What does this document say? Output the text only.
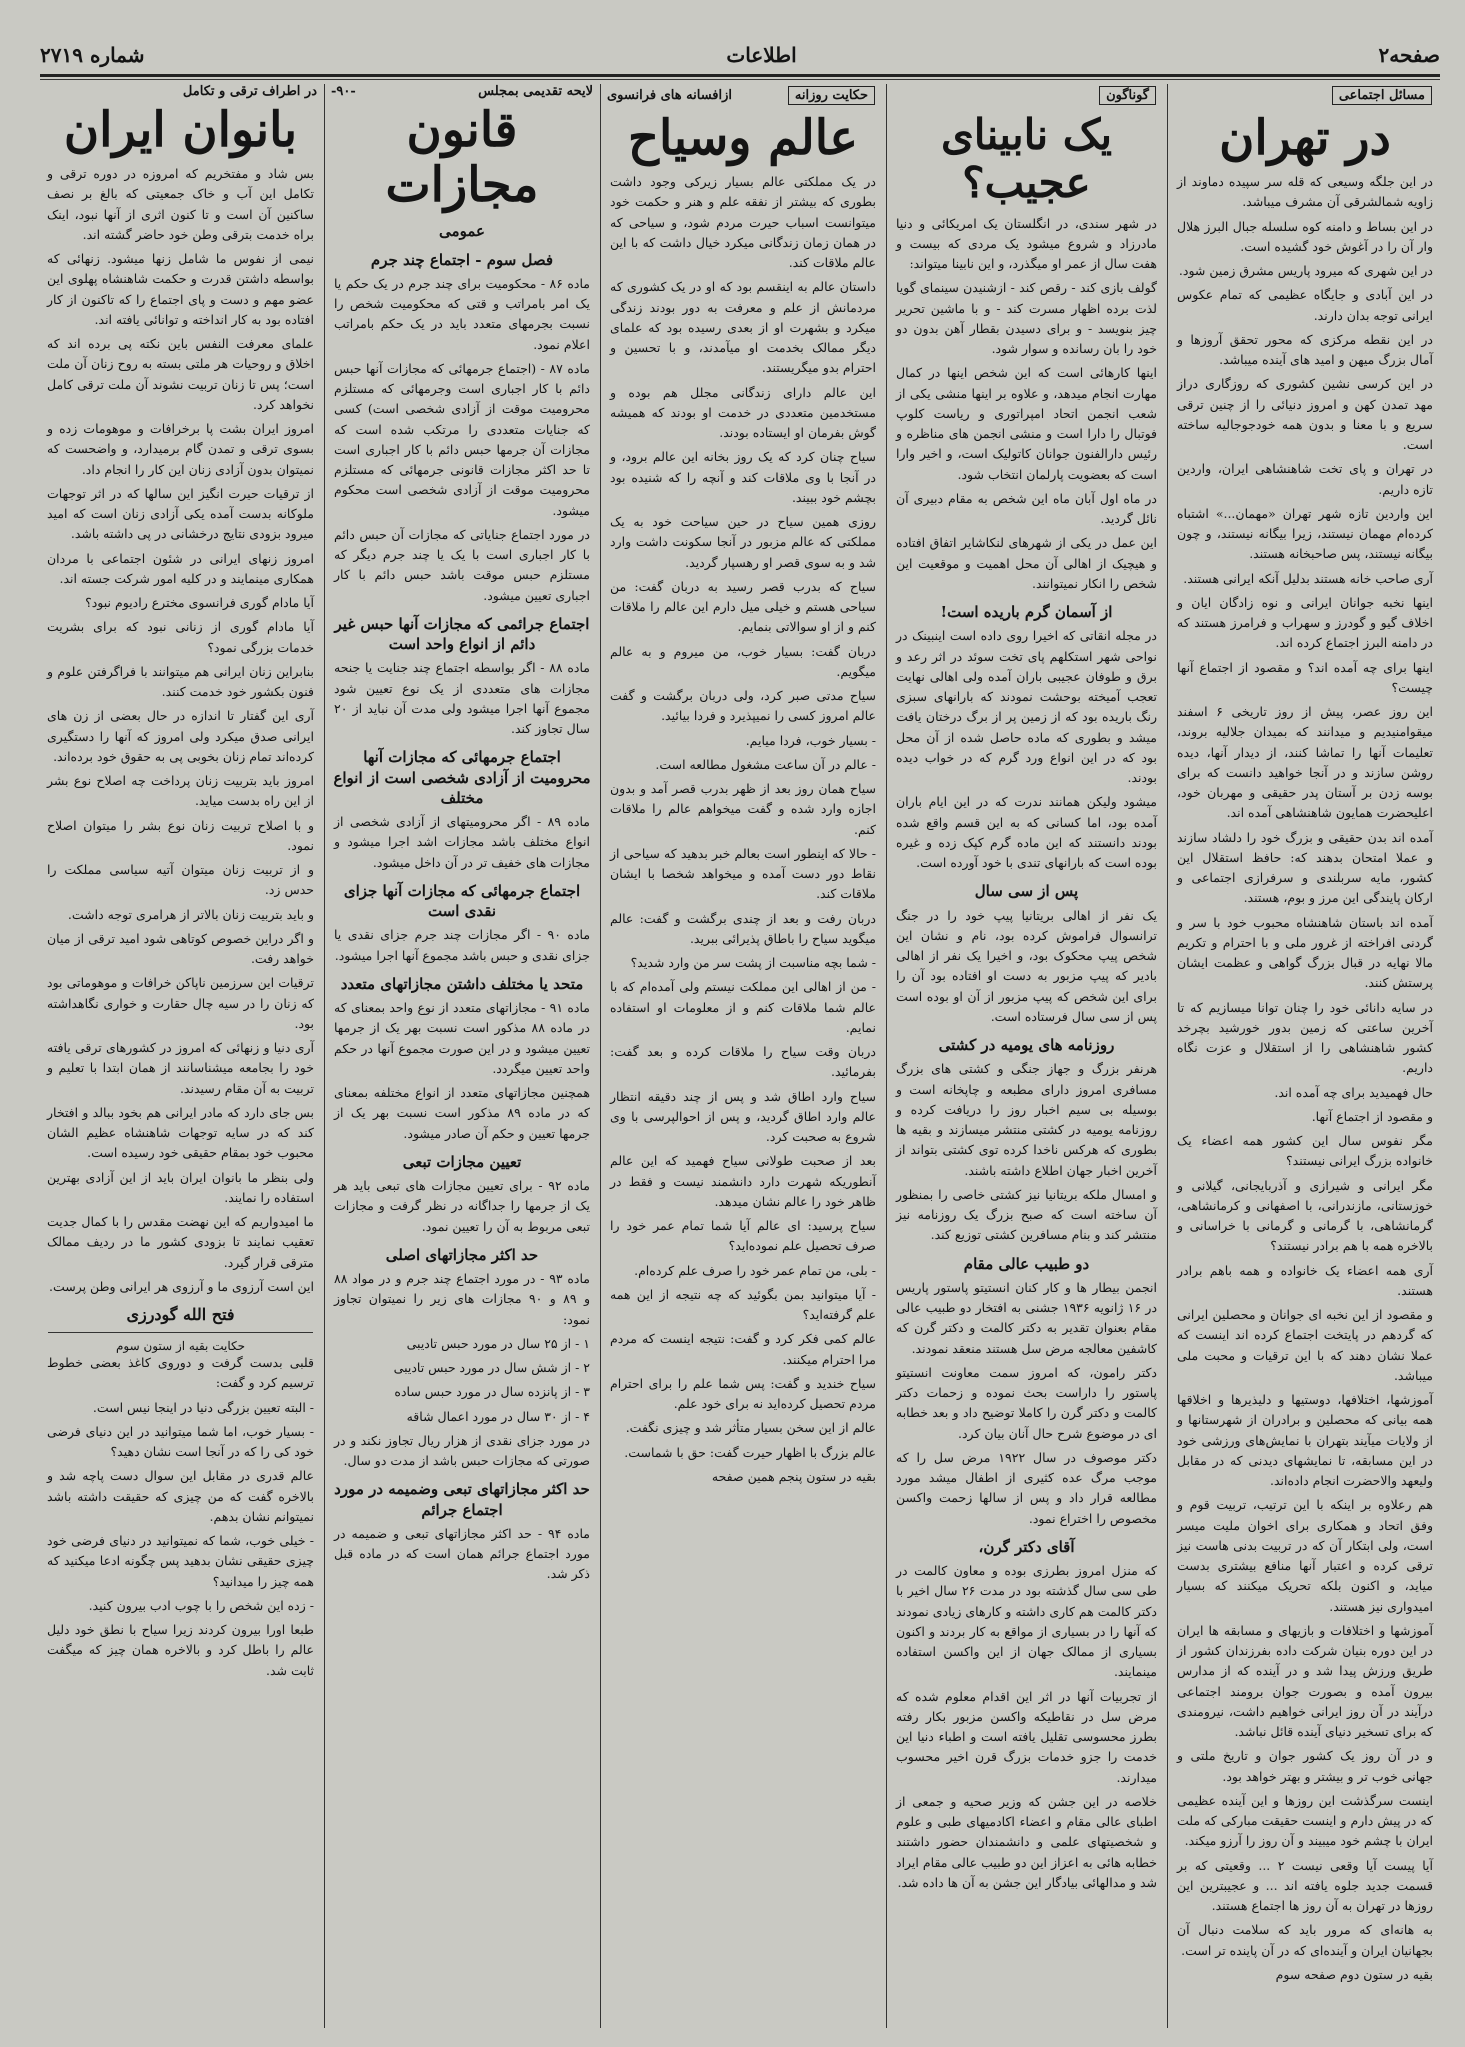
صفحه۲
اطلاعات
شماره ۲۷۱۹
مسائل اجتماعی
در تهران

در این جلگه وسیعی که قله سر سپیده دماوند از زاویه شمالشرقی آن مشرف میباشد.

در این بساط و دامنه کوه سلسله جبال البرز هلال وار آن را در آغوش خود گشیده است.

در این شهری که میرود پاریس مشرق زمین شود.

در این آبادی و جایگاه عظیمی که تمام عکوس ایرانی توجه بدان دارند.

در این نقطه مرکزی که محور تحقق آروزها و آمال بزرگ میهن و امید های آینده میباشد.

در این کرسی نشین کشوری که روزگاری دراز مهد تمدن کهن و امروز دنیائی را از چنین ترقی سریع و با معنا و بدون همه خودجوجالیه ساخته است.

در تهران و پای تخت شاهنشاهی ایران، واردین تازه داریم.

این واردین تازه شهر تهران «مهمان...» اشتباه کرده‌ام مهمان نیستند، زیرا بیگانه نیستند، و چون بیگانه نیستند، پس صاحبخانه هستند.

آری صاحب خانه هستند بدلیل آنکه ایرانی هستند.

اینها نخبه جوانان ایرانی و نوه زادگان ایان و اخلاف گیو و گودرز و سهراب و فرامرز هستند که در دامنه البرز اجتماع کرده اند.

اینها برای چه آمده اند؟ و مقصود از اجتماع آنها چیست؟

این روز عصر، پیش از روز تاریخی ۶ اسفند میقوامنیدیم و میدانند که بمیدان جلالیه بروند، تعلیمات آنها را تماشا کنند، از دیدار آنها، دیده روشن سازند و در آنجا خواهید دانست که برای بوسه زدن بر آستان پدر حقیقی و مهربان خود، اعلیحضرت همایون شاهنشاهی آمده اند.

آمده اند بدن حقیقی و بزرگ خود را دلشاد سازند و عملا امتحان بدهند که: حافظ استقلال این کشور، مایه سربلندی و سرفرازی اجتماعی و ارکان پایندگی این مرز و بوم، هستند.

آمده اند باستان شاهنشاه محبوب خود با سر و گردنی افراخته از غرور ملی و با احترام و تکریم مالا نهایه در قبال بزرگ گواهی و عظمت ایشان پرستش کنند.

در سایه دانائی خود را چنان توانا میسازیم که تا آخرین ساعتی که زمین بدور خورشید بچرخد کشور شاهنشاهی را از استقلال و عزت نگاه داریم.

حال فهمیدید برای چه آمده اند.

و مقصود از اجتماع آنها.

مگر نفوس سال این کشور همه اعضاء یک خانواده بزرگ ایرانی نیستند؟

مگر ایرانی و شیرازی و آذربایجانی، گیلانی و خوزستانی، مازندرانی، با اصفهانی و کرمانشاهی، گرمانشاهی، با گرمانی و گرمانی با خراسانی و بالاخره همه با هم برادر نیستند؟

آری همه اعضاء یک خانواده و همه باهم برادر هستند.

و مقصود از این نخبه ای جوانان و محصلین ایرانی که گردهم در پایتخت اجتماع کرده اند اینست که عملا نشان دهند که با این ترقیات و محبت ملی میباشد.

آموزشها، اختلافها، دوستیها و دلیذیرها و اخلاقها همه بیانی که محصلین و برادران از شهرستانها و از ولایات میآیند بتهران با نمایش‌های ورزشی خود در این مسابقه، تا نمایشهای دیدنی که در مقابل ولیعهد والاحضرت انجام داده‌اند.

هم رعلاوه بر اینکه با این ترتیب، تربیت قوم و وفق اتحاد و همکاری برای اخوان ملیت میسر است، ولی ابتکار آن که در تربیت بدنی هاست نیز ترقی کرده و اعتبار آنها منافع بیشتری بدست میاید، و اکنون بلکه تحریک میکنند که بسیار امیدواری نیز هستند.

آموزشها و اختلافات و بازیهای و مسابقه ها ایران در این دوره بنیان شرکت داده بفرزندان کشور از طریق ورزش پیدا شد و در آینده که از مدارس بیرون آمده و بصورت جوان برومند اجتماعی درآیند در آن روز ایرانی خواهیم داشت، نیرومندی که برای تسخیر دنیای آینده قائل نباشد.

و در آن روز یک کشور جوان و تاریخ ملتی و جهانی خوب تر و بیشتر و بهتر خواهد بود.

اینست سرگذشت این روزها و این آینده عظیمی که در پیش دارم و اینست حقیقت مبارکی که ملت ایران با چشم خود میبیند و آن روز را آرزو میکند.

آیا پیست آیا وقعی نیست ۲ ... وقعیتی که بر قسمت جدید جلوه یافته اند ... و عجیبترین این روزها در تهران به آن روز ها اجتماع هستند.

به هانه‌ای که مرور باید که سلامت دنبال آن بجهانیان ایران و آینده‌ای که در آن پاینده تر است.

بقیه در ستون دوم صفحه سوم

گوناگون
یک نابینای عجیب؟

در شهر سندی، در انگلستان یک امریکائی و دنیا مادرزاد و شروع میشود یک مردی که بیست و هفت سال از عمر او میگذرد، و این نابینا میتواند:

گولف بازی کند - رقص کند - ازشنیدن سینمای گویا لذت برده اظهار مسرت کند - و با ماشین تحریر چیز بنویسد - و برای دسیدن بقطار آهن بدون دو خود را بان رسانده و سوار شود.

اینها کارهائی است که این شخص اینها در کمال مهارت انجام میدهد، و علاوه بر اینها منشی یکی از شعب انجمن اتحاد امپراتوری و ریاست کلوپ فوتبال را دارا است و منشی انجمن های مناظره و رئیس دارالفنون جوانان کاتولیک است، و اخیر وارا است که بعضویت پارلمان انتخاب شود.

در ماه اول آبان ماه این شخص به مقام دبیری آن نائل گردید.

این عمل در یکی از شهرهای لنکاشایر اتفاق افتاده و هیچیک از اهالی آن محل اهمیت و موقعیت این شخص را انکار نمیتوانند.

از آسمان گرم باریده است!

در مجله انقاتی که اخیرا روی داده است اینبینک در نواحی شهر استکلهم پای تخت سوئد در اثر رعد و برق و طوفان عجیبی باران آمده ولی اهالی نهایت تعجب آمیخته بوحشت نمودند که بارانهای سبزی رنگ باریده بود که از زمین پر از برگ درختان یافت میشد و بطوری که ماده حاصل شده از آن محل بود که در این انواع ورد گرم که در خواب دیده بودند.

میشود ولیکن همانند ندرت که در این ایام باران آمده بود، اما کسانی که به این قسم واقع شده بودند دانستند که این ماده گرم کپک زده و غیره بوده است که بارانهای تندی با خود آورده است.

پس از سی سال

یک نفر از اهالی بریتانیا پیپ خود را در جنگ ترانسوال فراموش کرده بود، نام و نشان این شخص پیپ محکوک بود، و اخیرا یک نفر از اهالی بادیر که پیپ مزبور به دست او افتاده بود آن را برای این شخص که پیپ مزبور از آن او بوده است پس از سی سال فرستاده است.

روزنامه های یومیه در کشتی

هرنفر بزرگ و جهاز جنگی و کشتی های بزرگ مسافری امروز دارای مطبعه و چاپخانه است و بوسیله بی سیم اخبار روز را دریافت کرده و روزنامه یومیه در کشتی منتشر میسازند و بقیه ها بطوری که هرکس ناخدا کرده توی کشتی بتواند از آخرین اخبار جهان اطلاع داشته باشند.

و امسال ملکه بریتانیا نیز کشتی خاصی را بمنظور آن ساخته است که صبح بزرگ یک روزنامه نیز منتشر کند و بنام مسافرین کشتی توزیع کند.

دو طبیب عالی مقام

انجمن بیطار ها و کار کنان انستیتو پاستور پاریس در ۱۶ ژانویه ۱۹۳۶ جشنی به افتخار دو طبیب عالی مقام بعنوان تقدیر به دکتر کالمت و دکتر گرن که کاشفین معالجه مرض سل هستند منعقد نمودند.

دکتر رامون، که امروز سمت معاونت انستیتو پاستور را داراست بحث نموده و زحمات دکتر کالمت و دکتر گرن را کاملا توضیح داد و بعد خطابه ای در موضوع شرح حال آنان بیان کرد.

دکتر موصوف در سال ۱۹۲۲ مرض سل را که موجب مرگ عده کثیری از اطفال میشد مورد مطالعه قرار داد و پس از سالها زحمت واکسن مخصوص را اختراع نمود.

آقای دکتر گرن،

که منزل امروز بطرزی بوده و معاون کالمت در طی سی سال گذشته بود در مدت ۲۶ سال اخیر با دکتر کالمت هم کاری داشته و کارهای زیادی نمودند که آنها را در بسیاری از مواقع به کار بردند و اکنون بسیاری از ممالک جهان از این واکسن استفاده مینمایند.

از تجربیات آنها در اثر این اقدام معلوم شده که مرض سل در نقاطیکه واکسن مزبور بکار رفته بطرز محسوسی تقلیل یافته است و اطباء دنیا این خدمت را جزو خدمات بزرگ قرن اخیر محسوب میدارند.

خلاصه در این جشن که وزیر صحیه و جمعی از اطبای عالی مقام و اعضاء اکادمیهای طبی و علوم و شخصیتهای علمی و دانشمندان حضور داشتند خطابه هائی به اعزاز این دو طبیب عالی مقام ایراد شد و مدالهائی بیادگار این جشن به آن ها داده شد.

حکایت روزانه
ازافسانه های فرانسوی
عالم وسیاح

در یک مملکتی عالم بسیار زیرکی وجود داشت بطوری که بیشتر از نفقه علم و هنر و حکمت خود میتوانست اسباب حیرت مردم شود، و سیاحی که در همان زمان زندگانی میکرد خیال داشت که با این عالم ملاقات کند.

داستان عالم به اینقسم بود که او در یک کشوری که مردمانش از علم و معرفت به دور بودند زندگی میکرد و بشهرت او از بعدی رسیده بود که علمای دیگر ممالک بخدمت او میآمدند، و با تحسین و احترام بدو میگریستند.

این عالم دارای زندگانی مجلل هم بوده و مستخدمین متعددی در خدمت او بودند که همیشه گوش بفرمان او ایستاده بودند.

سیاح چنان کرد که یک روز بخانه این عالم برود، و در آنجا با وی ملاقات کند و آنچه را که شنیده بود بچشم خود ببیند.

روزی همین سیاح در حین سیاحت خود به یک مملکتی که عالم مزبور در آنجا سکونت داشت وارد شد و به سوی قصر او رهسپار گردید.

سیاح که بدرب قصر رسید به دربان گفت: من سیاحی هستم و خیلی میل دارم این عالم را ملاقات کنم و از او سوالاتی بنمایم.

دربان گفت: بسیار خوب، من میروم و به عالم میگویم.

سیاح مدتی صبر کرد، ولی دربان برگشت و گفت عالم امروز کسی را نمیپذیرد و فردا بیائید.

- بسیار خوب، فردا میایم.

- عالم در آن ساعت مشغول مطالعه است.

سیاح همان روز بعد از ظهر بدرب قصر آمد و بدون اجازه وارد شده و گفت میخواهم عالم را ملاقات کنم.

- حالا که اینطور است بعالم خبر بدهید که سیاحی از نقاط دور دست آمده و میخواهد شخصا با ایشان ملاقات کند.

دربان رفت و بعد از چندی برگشت و گفت: عالم میگوید سیاح را باطاق پذیرائی ببرید.

- شما بچه مناسبت از پشت سر من وارد شدید؟

- من از اهالی این مملکت نیستم ولی آمده‌ام که با عالم شما ملاقات کنم و از معلومات او استفاده نمایم.

دربان وقت سیاح را ملاقات کرده و بعد گفت: بفرمائید.

سیاح وارد اطاق شد و پس از چند دقیقه انتظار عالم وارد اطاق گردید، و پس از احوالپرسی با وی شروع به صحبت کرد.

بعد از صحبت طولانی سیاح فهمید که این عالم آنطوریکه شهرت دارد دانشمند نیست و فقط در ظاهر خود را عالم نشان میدهد.

سیاح پرسید: ای عالم آیا شما تمام عمر خود را صرف تحصیل علم نموده‌اید؟

- بلی، من تمام عمر خود را صرف علم کرده‌ام.

- آیا میتوانید بمن بگوئید که چه نتیجه از این همه علم گرفته‌اید؟

عالم کمی فکر کرد و گفت: نتیجه اینست که مردم مرا احترام میکنند.

سیاح خندید و گفت: پس شما علم را برای احترام مردم تحصیل کرده‌اید نه برای خود علم.

عالم از این سخن بسیار متأثر شد و چیزی نگفت.

عالم بزرگ با اظهار حیرت گفت: حق با شماست.

بقیه در ستون پنجم همین صفحه

لایحه تقدیمی بمجلس
-۹۰-
قانون مجازات
عمومی
فصل سوم - اجتماع چند جرم

ماده ۸۶ - محکومیت برای چند جرم در یک حکم یا یک امر بامراتب و قتی که محکومیت شخص را نسبت بجرمهای متعدد باید در یک حکم بامراتب اعلام نمود.

ماده ۸۷ - (اجتماع جرمهائی که مجازات آنها حبس دائم با کار اجباری است وجرمهائی که مستلزم محرومیت موقت از آزادی شخصی است) کسی که جنایات متعددی را مرتکب شده است که مجازات آن جرمها حبس دائم با کار اجباری است تا حد اکثر مجازات قانونی جرمهائی که مستلزم محرومیت موقت از آزادی شخصی است محکوم میشود.

در مورد اجتماع جنایاتی که مجازات آن حبس دائم با کار اجباری است با یک یا چند جرم دیگر که مستلزم حبس موقت باشد حبس دائم با کار اجباری تعیین میشود.

اجتماع جرائمی که مجازات آنها حبس غیر دائم از انواع واحد است

ماده ۸۸ - اگر بواسطه اجتماع چند جنایت یا جنحه مجازات های متعددی از یک نوع تعیین شود مجموع آنها اجرا میشود ولی مدت آن نباید از ۲۰ سال تجاوز کند.

اجتماع جرمهائی که مجازات آنها محرومیت از آزادی شخصی است از انواع مختلف

ماده ۸۹ - اگر محرومیتهای از آزادی شخصی از انواع مختلف باشد مجازات اشد اجرا میشود و مجازات های خفیف تر در آن داخل میشود.

اجتماع جرمهائی که مجازات آنها جزای نقدی است

ماده ۹۰ - اگر مجازات چند جرم جزای نقدی یا جزای نقدی و حبس باشد مجموع آنها اجرا میشود.

متحد یا مختلف داشتن مجازاتهای متعدد

ماده ۹۱ - مجازاتهای متعدد از نوع واحد بمعنای که در ماده ۸۸ مذکور است نسبت بهر یک از جرمها تعیین میشود و در این صورت مجموع آنها در حکم واحد تعیین میگردد.

همچنین مجازاتهای متعدد از انواع مختلفه بمعنای که در ماده ۸۹ مذکور است نسبت بهر یک از جرمها تعیین و حکم آن صادر میشود.

تعیین مجازات تبعی

ماده ۹۲ - برای تعیین مجازات های تبعی باید هر یک از جرمها را جداگانه در نظر گرفت و مجازات تبعی مربوط به آن را تعیین نمود.

حد اکثر مجازاتهای اصلی

ماده ۹۳ - در مورد اجتماع چند جرم و در مواد ۸۸ و ۸۹ و ۹۰ مجازات های زیر را نمیتوان تجاوز نمود:

۱ - از ۲۵ سال در مورد حبس تادیبی

۲ - از شش سال در مورد حبس تادیبی

۳ - از پانزده سال در مورد حبس ساده

۴ - از ۳۰ سال در مورد اعمال شاقه

در مورد جزای نقدی از هزار ریال تجاوز نکند و در صورتی که مجازات حبس باشد از مدت دو سال.

حد اکثر مجازاتهای تبعی وضمیمه در مورد اجتماع جرائم

ماده ۹۴ - حد اکثر مجازاتهای تبعی و ضمیمه در مورد اجتماع جرائم همان است که در ماده قبل ذکر شد.

در اطراف ترقی و تکامل
بانوان ایران

بس شاد و مفتخریم که امروزه در دوره ترقی و تکامل این آب و خاک جمعیتی که بالغ بر نصف ساکنین آن است و تا کنون اثری از آنها نبود، اینک براه خدمت بترقی وطن خود حاضر گشته اند.

نیمی از نفوس ما شامل زنها میشود. زنهائی که بواسطه داشتن قدرت و حکمت شاهنشاه پهلوی این عضو مهم و دست و پای اجتماع را که تاکنون از کار افتاده بود به کار انداخته و توانائی یافته اند.

علمای معرفت النفس باین نکته پی برده اند که اخلاق و روحیات هر ملتی بسته به روح زنان آن ملت است؛ پس تا زنان تربیت نشوند آن ملت ترقی کامل نخواهد کرد.

امروز ایران بشت پا برخرافات و موهومات زده و بسوی ترقی و تمدن گام برمیدارد، و واضحست که نمیتوان بدون آزادی زنان این کار را انجام داد.

از ترقیات حیرت انگیز این سالها که در اثر توجهات ملوکانه بدست آمده یکی آزادی زنان است که امید میرود بزودی نتایج درخشانی در پی داشته باشد.

امروز زنهای ایرانی در شئون اجتماعی با مردان همکاری مینمایند و در کلیه امور شرکت جسته اند.

آیا مادام گوری فرانسوی مخترع رادیوم نبود؟

آیا مادام گوری از زنانی نبود که برای بشریت خدمات بزرگی نمود؟

بنابراین زنان ایرانی هم میتوانند با فراگرفتن علوم و فنون بکشور خود خدمت کنند.

آری این گفتار تا اندازه در حال بعضی از زن های ایرانی صدق میکرد ولی امروز که آنها را دستگیری کرده‌اند تمام زنان بخوبی پی به حقوق خود برده‌اند.

امروز باید بتربیت زنان پرداخت چه اصلاح نوع بشر از این راه بدست میاید.

و با اصلاح تربیت زنان نوع بشر را میتوان اصلاح نمود.

و از تربیت زنان میتوان آتیه سیاسی مملکت را حدس زد.

و باید بتربیت زنان بالاتر از هرامری توجه داشت.

و اگر دراین خصوص کوتاهی شود امید ترقی از میان خواهد رفت.

ترقیات این سرزمین ناپاکن خرافات و موهوماتی بود که زنان را در سیه چال حقارت و خواری نگاهداشته بود.

آری دنیا و زنهائی که امروز در کشورهای ترقی یافته خود را بجامعه میشناسانند از همان ابتدا با تعلیم و تربیت به آن مقام رسیدند.

بس جای دارد که مادر ایرانی هم بخود ببالد و افتخار کند که در سایه توجهات شاهنشاه عظیم الشان محبوب خود بمقام حقیقی خود رسیده است.

ولی بنظر ما بانوان ایران باید از این آزادی بهترین استفاده را نمایند.

ما امیدواریم که این نهضت مقدس را با کمال جدیت تعقیب نمایند تا بزودی کشور ما در ردیف ممالک مترقی قرار گیرد.

این است آرزوی ما و آرزوی هر ایرانی وطن پرست.

فتح الله گودرزی
حکایت بقیه از ستون سوم

قلبی بدست گرفت و دوروی کاغذ بعضی خطوط ترسیم کرد و گفت:

- البته تعیین بزرگی دنیا در اینجا نیس است.

- بسیار خوب، اما شما میتوانید در این دنیای فرضی خود کی را که در آنجا است نشان دهید؟

عالم قدری در مقابل این سوال دست پاچه شد و بالاخره گفت که من چیزی که حقیقت داشته باشد نمیتوانم نشان بدهم.

- خیلی خوب، شما که نمیتوانید در دنیای فرضی خود چیزی حقیقی نشان بدهید پس چگونه ادعا میکنید که همه چیز را میدانید؟

- زده این شخص را با چوب ادب بیرون کنید.

طبعا اورا بیرون کردند زیرا سیاح با نطق خود دلیل عالم را باطل کرد و بالاخره همان چیز که میگفت ثابت شد.
